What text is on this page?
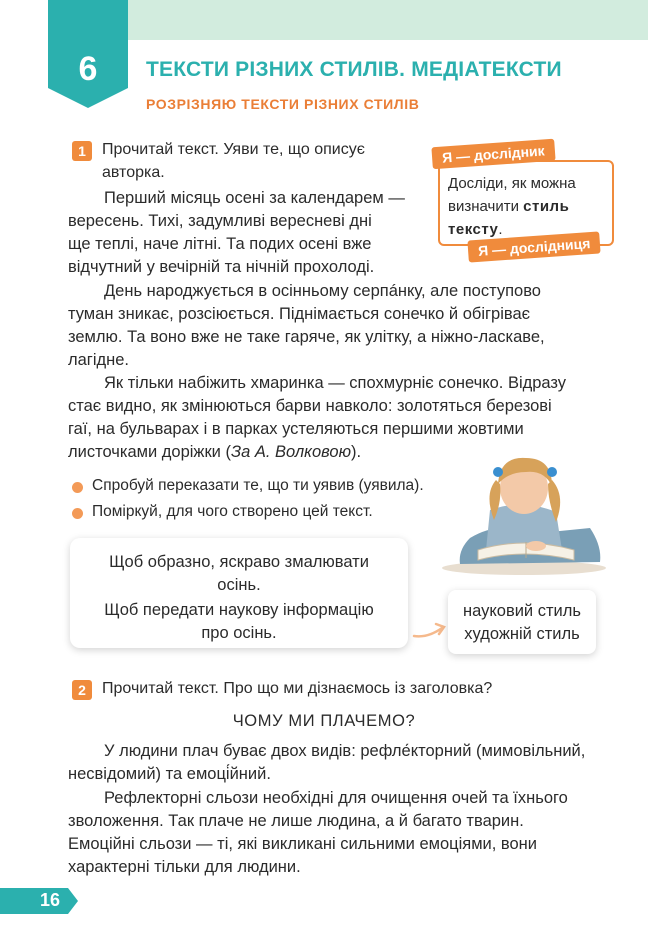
6	ТЕКСТИ РІЗНИХ СТИЛІВ. МЕДІАТЕКСТИ
РОЗРІЗНЯЮ ТЕКСТИ РІЗНИХ СТИЛІВ
1	Прочитай текст. Уяви те, що описує
авторка.
Перший місяць осені за календарем —
вересень. Тихі, задумливі вересневі дні
ще теплі, наче літні. Та подих осені вже
відчутний у вечірній та нічній прохолоді.
День народжується в осінньому серпáнку, але поступово
туман зникає, розсіюється. Піднімається сонечко й обігріває
землю. Та воно вже не таке гаряче, як улітку, а ніжно-ласкаве,
лагідне.
Як тільки набіжить хмаринка — спохмурніє сонечко. Відразу
стає видно, як змінюються барви навколо: золотяться березові
гаї, на бульварах і в парках устеляються першими жовтими
листочками доріжки (За А. Волковою).
Я — дослідник
Досліди, як можна визначити стиль тексту.
Я — дослідниця
Спробуй переказати те, що ти уявив (уявила).
Поміркуй, для чого створено цей текст.
Щоб образно, яскраво змалювати
осінь.
Щоб передати наукову інформацію
про осінь.
науковий стиль
художній стиль
2	Прочитай текст. Про що ми дізнаємось із заголовка?
ЧОМУ МИ ПЛАЧЕМО?
У людини плач буває двох видів: рефле́кторний (мимовільний,
несвідомий) та емоці́йний.
Рефлекторні сльози необхідні для очищення очей та їхнього
зволоження. Так плаче не лише людина, а й багато тварин.
Емоційні сльози — ті, які викликані сильними емоціями, вони
характерні тільки для людини.
16
